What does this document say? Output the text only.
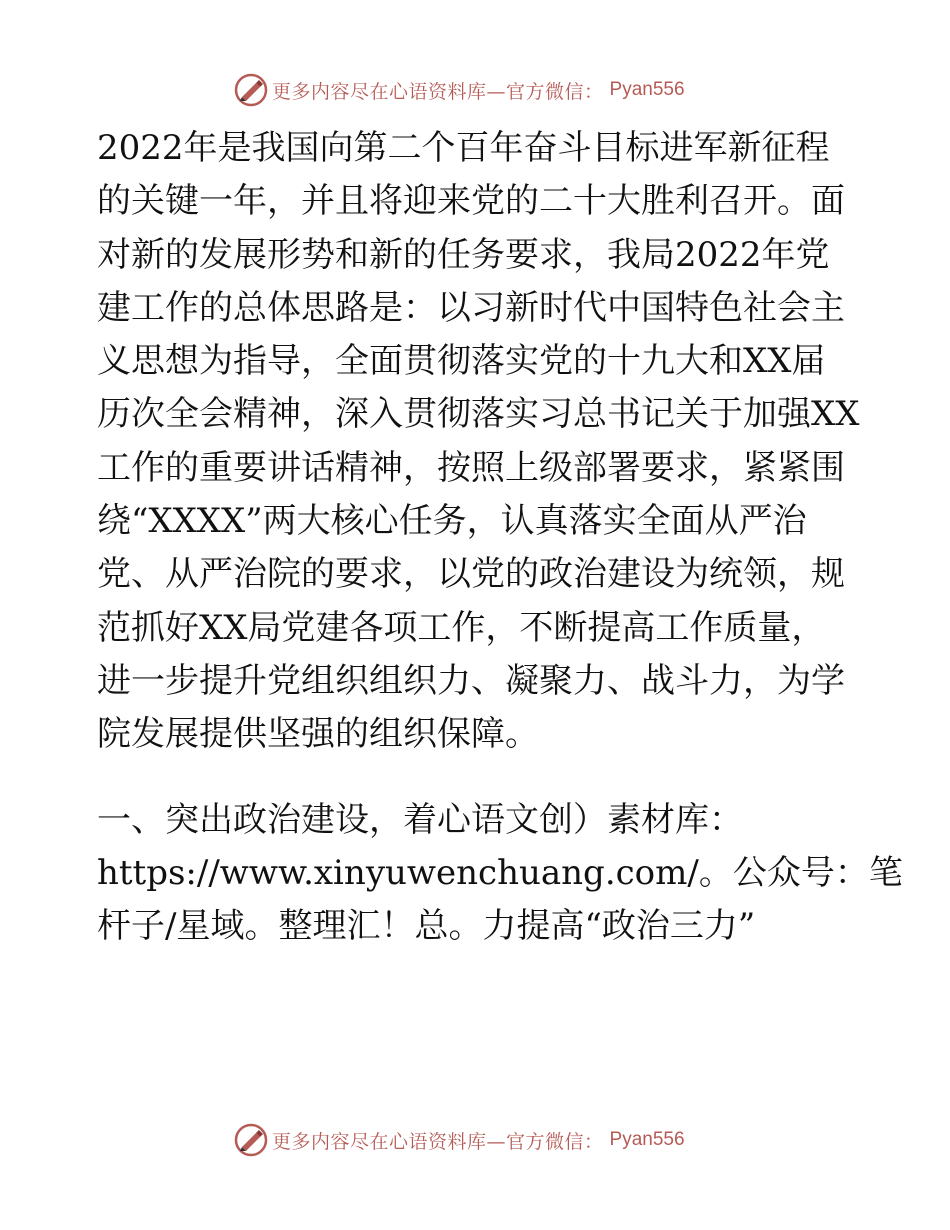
更多内容尽在心语资料库—官方微信： Pyan556
2022年是我国向第二个百年奋斗目标进军新征程
的关键一年，并且将迎来党的二十大胜利召开。面
对新的发展形势和新的任务要求，我局2022年党
建工作的总体思路是：以习新时代中国特色社会主
义思想为指导，全面贯彻落实党的十九大和XX届
历次全会精神，深入贯彻落实习总书记关于加强XX
工作的重要讲话精神，按照上级部署要求，紧紧围
绕“XXXX”两大核心任务，认真落实全面从严治
党、从严治院的要求，以党的政治建设为统领，规
范抓好XX局党建各项工作，不断提高工作质量，
进一步提升党组织组织力、凝聚力、战斗力，为学
院发展提供坚强的组织保障。
一、突出政治建设，着心语文创）素材库：
https://www.xinyuwenchuang.com/。公众号：笔
杆子/星域。整理汇！总。力提高“政治三力”
更多内容尽在心语资料库—官方微信： Pyan556
